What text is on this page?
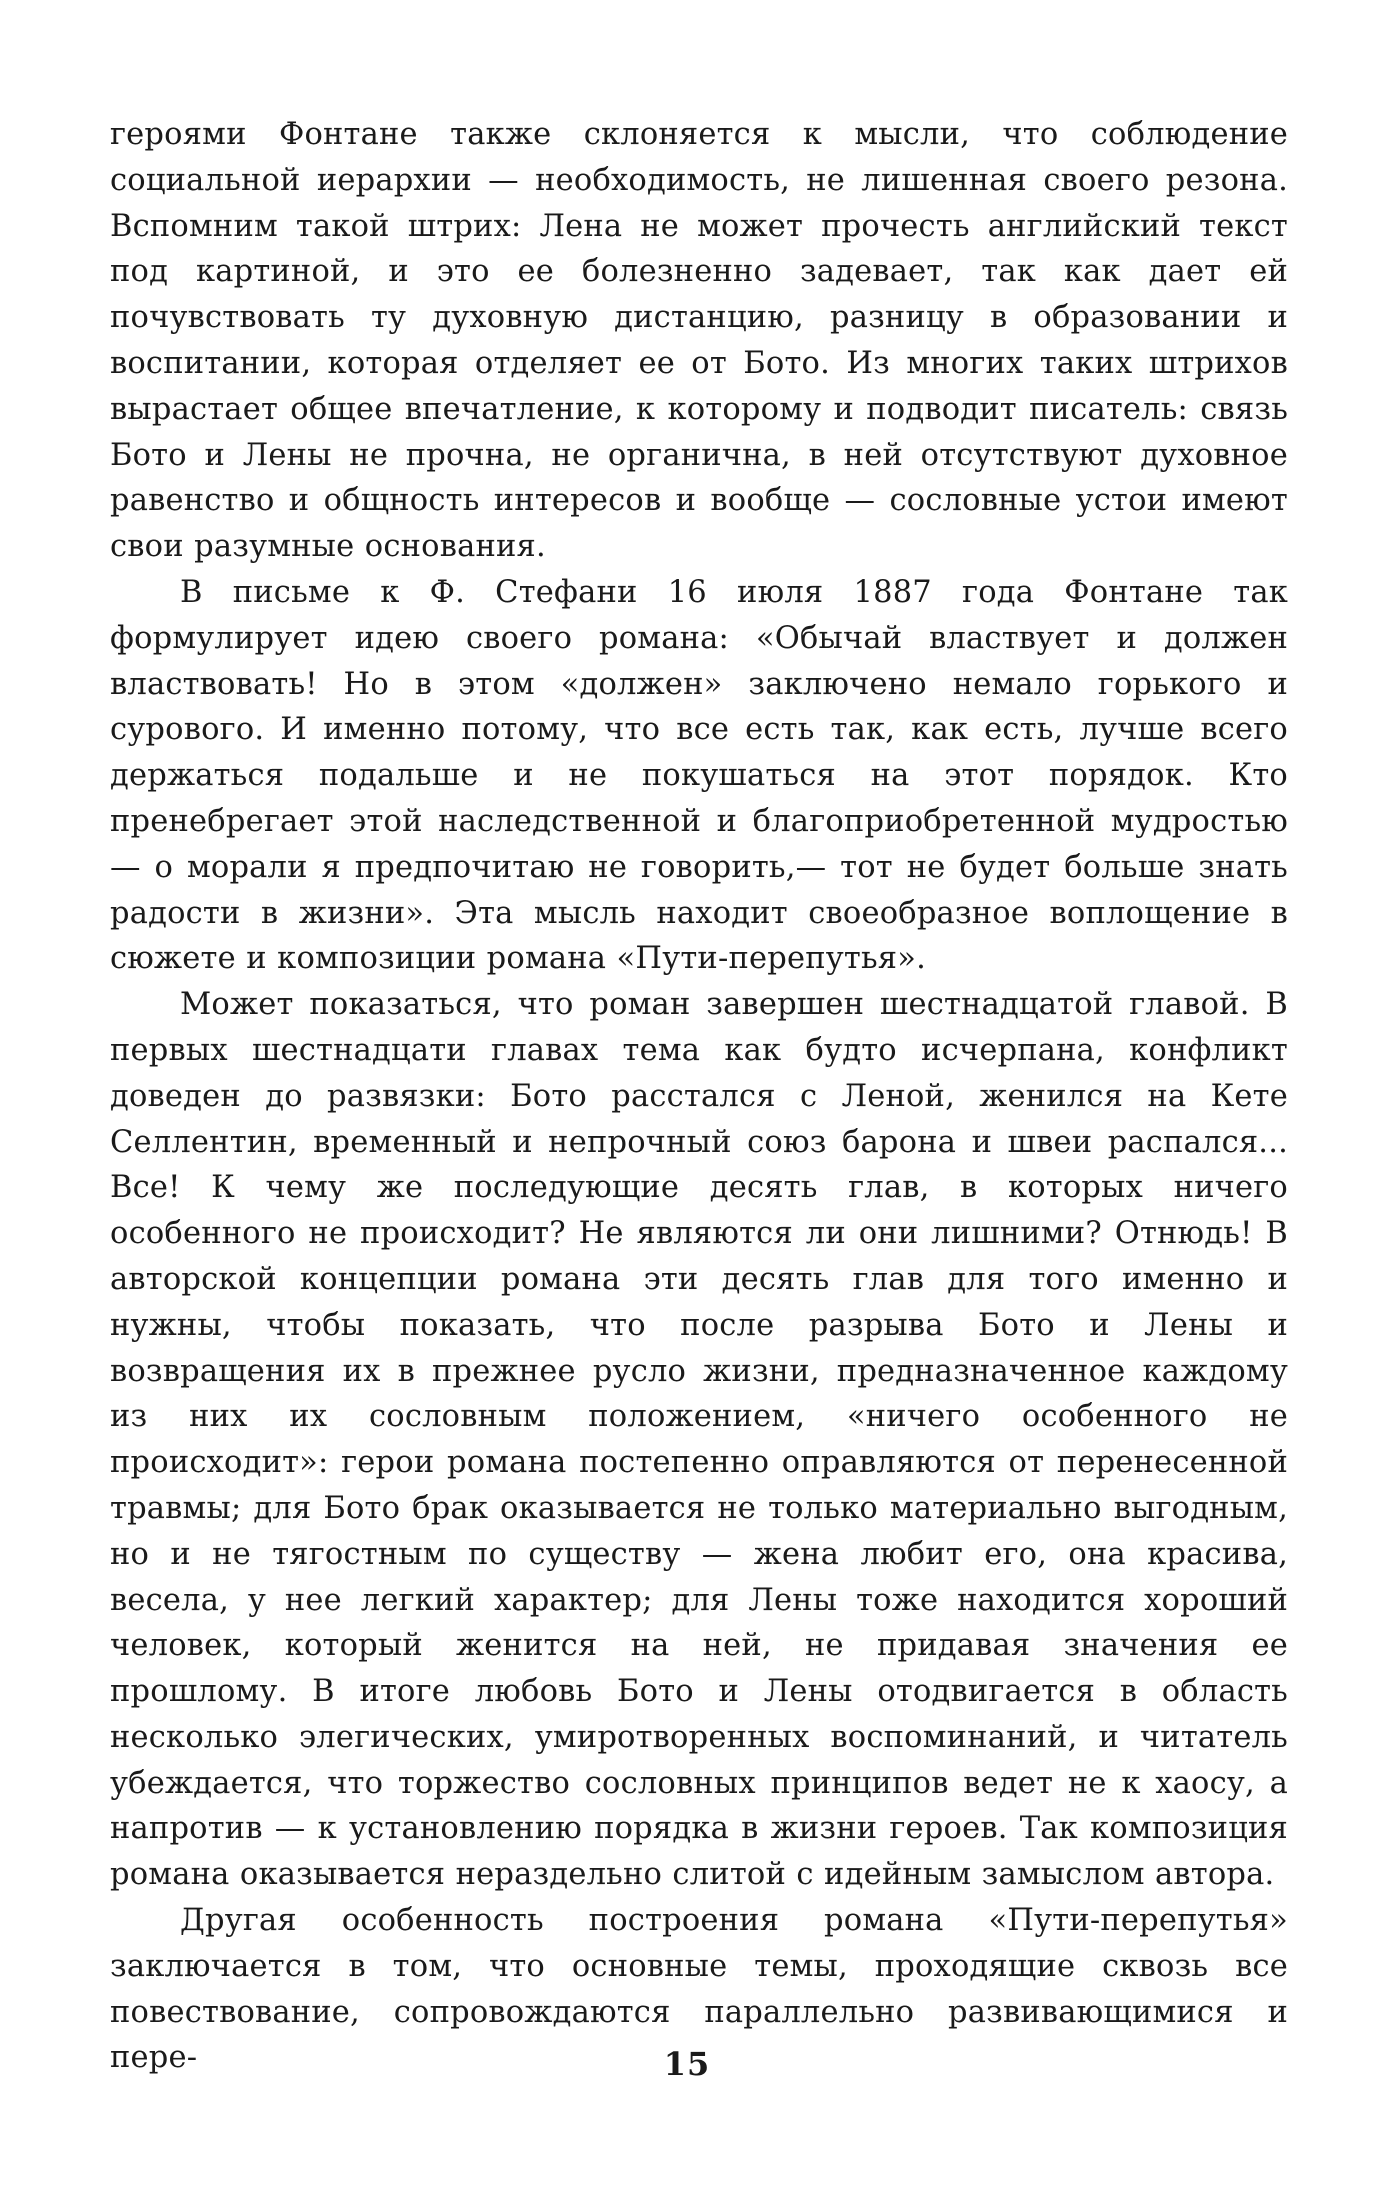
героями Фонтане также склоняется к мысли, что соблюдение социальной иерархии — необходимость, не лишенная своего резона. Вспомним такой штрих: Лена не может прочесть английский текст под картиной, и это ее болезненно задевает, так как дает ей почувствовать ту духовную дистанцию, разницу в образовании и воспитании, которая отделяет ее от Бото. Из многих таких штрихов вырастает общее впечатление, к которому и подводит писатель: связь Бото и Лены не прочна, не органична, в ней отсутствуют духовное равенство и общность интересов и вообще — сословные устои имеют свои разумные основания.

В письме к Ф. Стефани 16 июля 1887 года Фонтане так формулирует идею своего романа: «Обычай властвует и должен властвовать! Но в этом «должен» заключено немало горького и сурового. И именно потому, что все есть так, как есть, лучше всего держаться подальше и не покушаться на этот порядок. Кто пренебрегает этой наследственной и благоприобретенной мудростью — о морали я предпочитаю не говорить,— тот не будет больше знать радости в жизни». Эта мысль находит своеобразное воплощение в сюжете и композиции романа «Пути-перепутья».

Может показаться, что роман завершен шестнадцатой главой. В первых шестнадцати главах тема как будто исчерпана, конфликт доведен до развязки: Бото расстался с Леной, женился на Кете Селлентин, временный и непрочный союз барона и швеи распался... Все! К чему же последующие десять глав, в которых ничего особенного не происходит? Не являются ли они лишними? Отнюдь! В авторской концепции романа эти десять глав для того именно и нужны, чтобы показать, что после разрыва Бото и Лены и возвращения их в прежнее русло жизни, предназначенное каждому из них их сословным положением, «ничего особенного не происходит»: герои романа постепенно оправляются от перенесенной травмы; для Бото брак оказывается не только материально выгодным, но и не тягостным по существу — жена любит его, она красива, весела, у нее легкий характер; для Лены тоже находится хороший человек, который женится на ней, не придавая значения ее прошлому. В итоге любовь Бото и Лены отодвигается в область несколько элегических, умиротворенных воспоминаний, и читатель убеждается, что торжество сословных принципов ведет не к хаосу, а напротив — к установлению порядка в жизни героев. Так композиция романа оказывается нераздельно слитой с идейным замыслом автора.

Другая особенность построения романа «Пути-перепутья» заключается в том, что основные темы, проходящие сквозь все повествование, сопровождаются параллельно развивающимися и пере-	15
